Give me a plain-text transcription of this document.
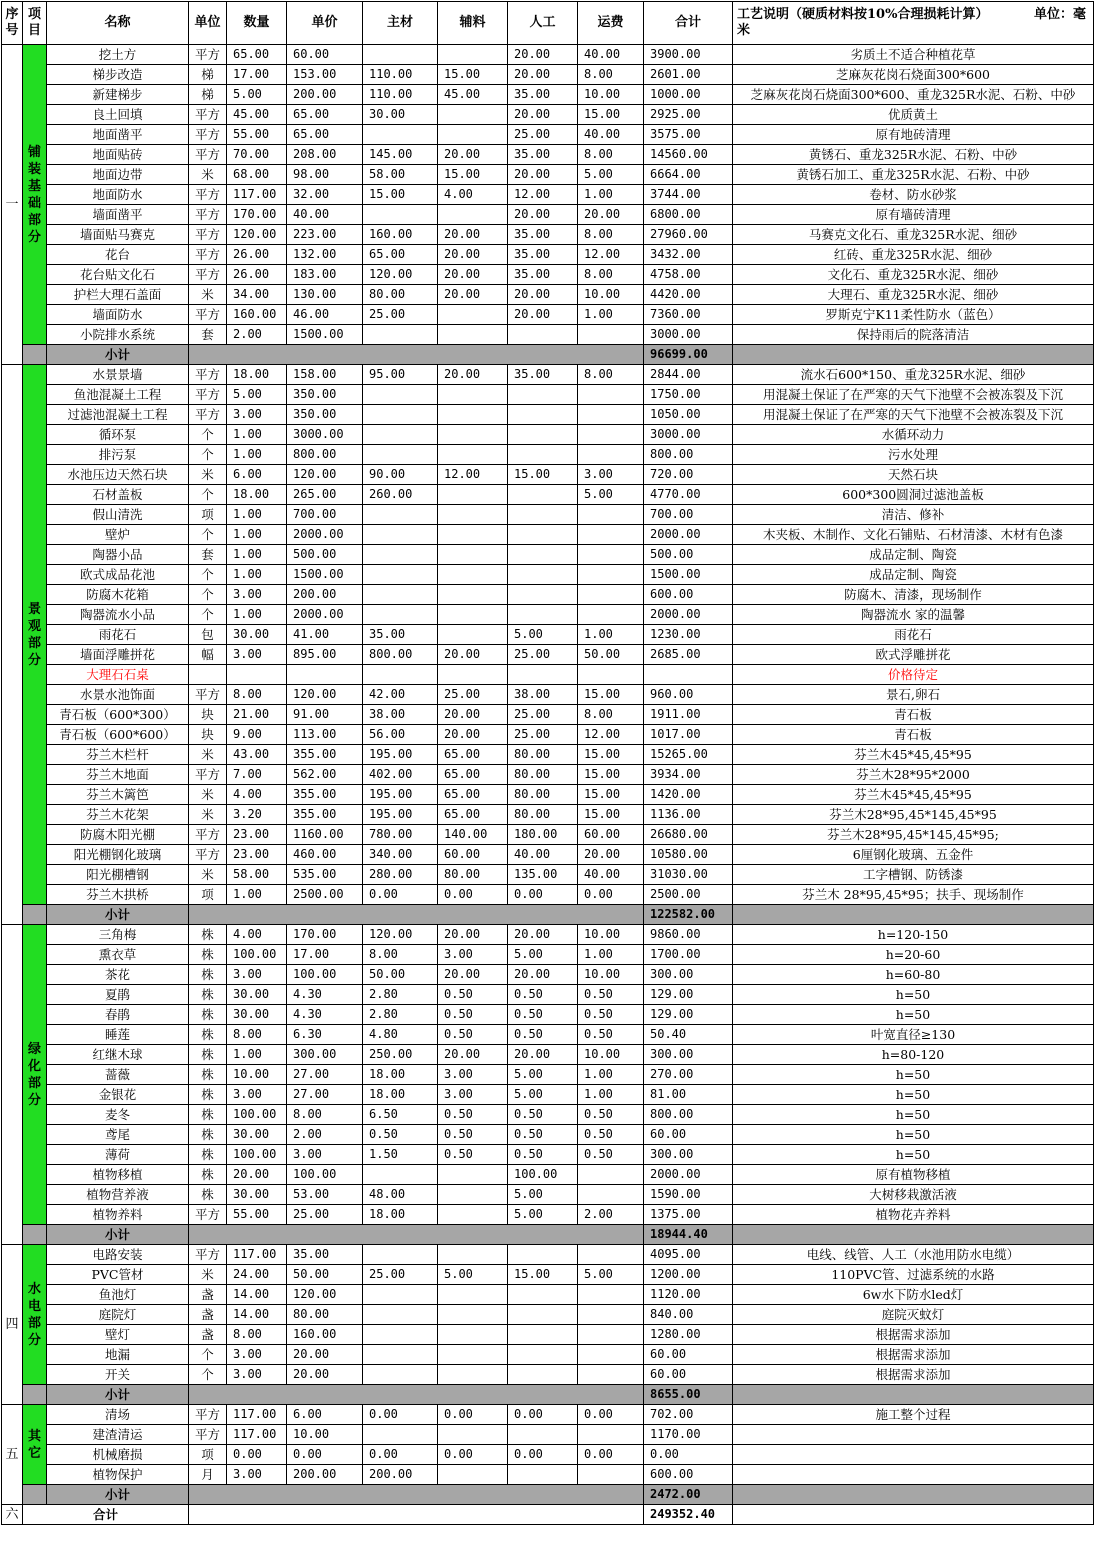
序号	项目	名称	单位	数量	单价	主材	辅料	人工	运费	合计	工艺说明（硬质材料按10%合理损耗计算）　　　　单位：毫米
一	铺装基础部分	挖土方	平方	65.00	60.00			20.00	40.00	3900.00	劣质土不适合种植花草
		梯步改造	梯	17.00	153.00	110.00	15.00	20.00	8.00	2601.00	芝麻灰花岗石烧面300*600
		新建梯步	梯	5.00	200.00	110.00	45.00	35.00	10.00	1000.00	芝麻灰花岗石烧面300*600、重龙325R水泥、石粉、中砂
		良土回填	平方	45.00	65.00	30.00		20.00	15.00	2925.00	优质黄土
		地面凿平	平方	55.00	65.00			25.00	40.00	3575.00	原有地砖清理
		地面贴砖	平方	70.00	208.00	145.00	20.00	35.00	8.00	14560.00	黄锈石、重龙325R水泥、石粉、中砂
		地面边带	米	68.00	98.00	58.00	15.00	20.00	5.00	6664.00	黄锈石加工、重龙325R水泥、石粉、中砂
		地面防水	平方	117.00	32.00	15.00	4.00	12.00	1.00	3744.00	卷材、防水砂浆
		墙面凿平	平方	170.00	40.00			20.00	20.00	6800.00	原有墙砖清理
		墙面贴马赛克	平方	120.00	223.00	160.00	20.00	35.00	8.00	27960.00	马赛克文化石、重龙325R水泥、细砂
		花台	平方	26.00	132.00	65.00	20.00	35.00	12.00	3432.00	红砖、重龙325R水泥、细砂
		花台贴文化石	平方	26.00	183.00	120.00	20.00	35.00	8.00	4758.00	文化石、重龙325R水泥、细砂
		护栏大理石盖面	米	34.00	130.00	80.00	20.00	20.00	10.00	4420.00	大理石、重龙325R水泥、细砂
		墙面防水	平方	160.00	46.00	25.00		20.00	1.00	7360.00	罗斯克宁K11柔性防水（蓝色）
		小院排水系统	套	2.00	1500.00					3000.00	保持雨后的院落清洁
		小计								96699.00	

	景观部分	水景景墙	平方	18.00	158.00	95.00	20.00	35.00	8.00	2844.00	流水石600*150、重龙325R水泥、细砂
		鱼池混凝土工程	平方	5.00	350.00					1750.00	用混凝土保证了在严寒的天气下池壁不会被冻裂及下沉
		过滤池混凝土工程	平方	3.00	350.00					1050.00	用混凝土保证了在严寒的天气下池壁不会被冻裂及下沉
		循环泵	个	1.00	3000.00					3000.00	水循环动力
		排污泵	个	1.00	800.00					800.00	污水处理
		水池压边天然石块	米	6.00	120.00	90.00	12.00	15.00	3.00	720.00	天然石块
		石材盖板	个	18.00	265.00	260.00			5.00	4770.00	600*300圆洞过滤池盖板
		假山清洗	项	1.00	700.00					700.00	清洁、修补
		壁炉	个	1.00	2000.00					2000.00	木夹板、木制作、文化石铺贴、石材清漆、木材有色漆
		陶器小品	套	1.00	500.00					500.00	成品定制、陶瓷
		欧式成品花池	个	1.00	1500.00					1500.00	成品定制、陶瓷
		防腐木花箱	个	3.00	200.00					600.00	防腐木、清漆，现场制作
		陶器流水小品	个	1.00	2000.00					2000.00	陶器流水 家的温馨
		雨花石	包	30.00	41.00	35.00		5.00	1.00	1230.00	雨花石
		墙面浮雕拼花	幅	3.00	895.00	800.00	20.00	25.00	50.00	2685.00	欧式浮雕拼花
		大理石石桌									价格待定
		水景水池饰面	平方	8.00	120.00	42.00	25.00	38.00	15.00	960.00	景石,卵石
		青石板（600*300）	块	21.00	91.00	38.00	20.00	25.00	8.00	1911.00	青石板
		青石板（600*600）	块	9.00	113.00	56.00	20.00	25.00	12.00	1017.00	青石板
		芬兰木栏杆	米	43.00	355.00	195.00	65.00	80.00	15.00	15265.00	芬兰木45*45,45*95
		芬兰木地面	平方	7.00	562.00	402.00	65.00	80.00	15.00	3934.00	芬兰木28*95*2000
		芬兰木篱笆	米	4.00	355.00	195.00	65.00	80.00	15.00	1420.00	芬兰木45*45,45*95
		芬兰木花架	米	3.20	355.00	195.00	65.00	80.00	15.00	1136.00	芬兰木28*95,45*145,45*95
		防腐木阳光棚	平方	23.00	1160.00	780.00	140.00	180.00	60.00	26680.00	芬兰木28*95,45*145,45*95;
		阳光棚钢化玻璃	平方	23.00	460.00	340.00	60.00	40.00	20.00	10580.00	6厘钢化玻璃、五金件
		阳光棚槽钢	米	58.00	535.00	280.00	80.00	135.00	40.00	31030.00	工字槽钢、防锈漆
		芬兰木拱桥	项	1.00	2500.00	0.00	0.00	0.00	0.00	2500.00	芬兰木 28*95,45*95；扶手、现场制作
		小计								122582.00	

	绿化部分	三角梅	株	4.00	170.00	120.00	20.00	20.00	10.00	9860.00	h=120-150
		熏衣草	株	100.00	17.00	8.00	3.00	5.00	1.00	1700.00	h=20-60
		茶花	株	3.00	100.00	50.00	20.00	20.00	10.00	300.00	h=60-80
		夏鹃	株	30.00	4.30	2.80	0.50	0.50	0.50	129.00	h=50
		春鹃	株	30.00	4.30	2.80	0.50	0.50	0.50	129.00	h=50
		睡莲	株	8.00	6.30	4.80	0.50	0.50	0.50	50.40	叶宽直径≥130
		红继木球	株	1.00	300.00	250.00	20.00	20.00	10.00	300.00	h=80-120
		蔷薇	株	10.00	27.00	18.00	3.00	5.00	1.00	270.00	h=50
		金银花	株	3.00	27.00	18.00	3.00	5.00	1.00	81.00	h=50
		麦冬	株	100.00	8.00	6.50	0.50	0.50	0.50	800.00	h=50
		鸢尾	株	30.00	2.00	0.50	0.50	0.50	0.50	60.00	h=50
		薄荷	株	100.00	3.00	1.50	0.50	0.50	0.50	300.00	h=50
		植物移植	株	20.00	100.00			100.00		2000.00	原有植物移植
		植物营养液	株	30.00	53.00	48.00		5.00		1590.00	大树移栽激活液
		植物养料	平方	55.00	25.00	18.00		5.00	2.00	1375.00	植物花卉养料
		小计								18944.40	
四	水电部分	电路安装	平方	117.00	35.00					4095.00	电线、线管、人工（水池用防水电缆）
		PVC管材	米	24.00	50.00	25.00	5.00	15.00	5.00	1200.00	110PVC管、过滤系统的水路
		鱼池灯	盏	14.00	120.00					1120.00	6w水下防水led灯
		庭院灯	盏	14.00	80.00					840.00	庭院灭蚊灯
		壁灯	盏	8.00	160.00					1280.00	根据需求添加
		地漏	个	3.00	20.00					60.00	根据需求添加
		开关	个	3.00	20.00					60.00	根据需求添加
		小计								8655.00	
五	其它	清场	平方	117.00	6.00	0.00	0.00	0.00	0.00	702.00	施工整个过程
		建渣清运	平方	117.00	10.00					1170.00	
		机械磨损	项	0.00	0.00	0.00	0.00	0.00	0.00	0.00	
		植物保护	月	3.00	200.00	200.00				600.00	
		小计								2472.00	
六	合计									249352.40	
